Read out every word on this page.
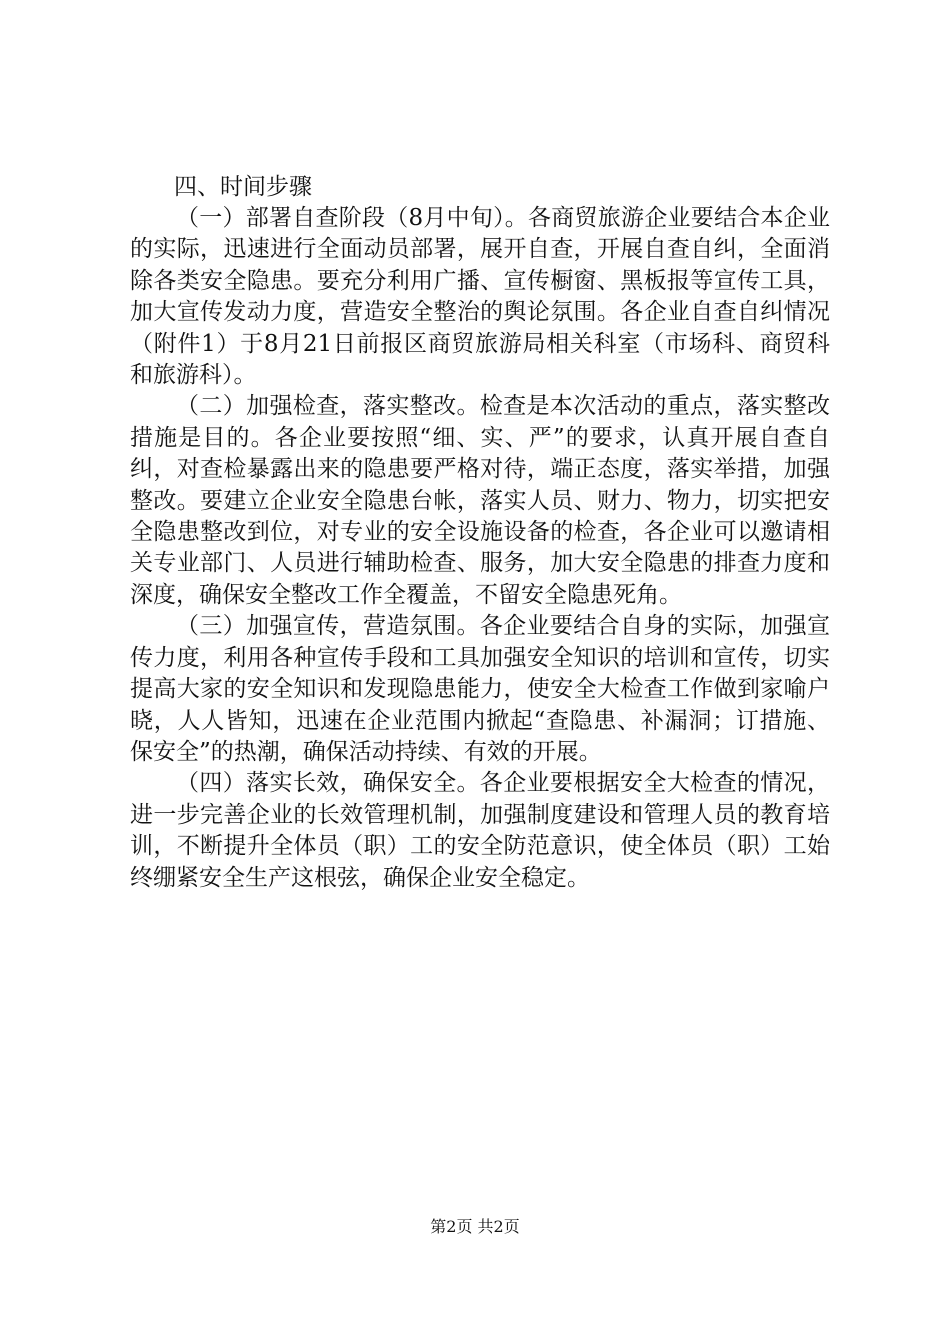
四、时间步骤

（一）部署自查阶段（8月中旬）。各商贸旅游企业要结合本企业的实际，迅速进行全面动员部署，展开自查，开展自查自纠，全面消除各类安全隐患。要充分利用广播、宣传橱窗、黑板报等宣传工具，加大宣传发动力度，营造安全整治的舆论氛围。各企业自查自纠情况（附件1）于8月21日前报区商贸旅游局相关科室（市场科、商贸科和旅游科）。

（二）加强检查，落实整改。检查是本次活动的重点，落实整改措施是目的。各企业要按照“细、实、严”的要求，认真开展自查自纠，对查检暴露出来的隐患要严格对待，端正态度，落实举措，加强整改。要建立企业安全隐患台帐，落实人员、财力、物力，切实把安全隐患整改到位，对专业的安全设施设备的检查，各企业可以邀请相关专业部门、人员进行辅助检查、服务，加大安全隐患的排查力度和深度，确保安全整改工作全覆盖，不留安全隐患死角。

（三）加强宣传，营造氛围。各企业要结合自身的实际，加强宣传力度，利用各种宣传手段和工具加强安全知识的培训和宣传，切实提高大家的安全知识和发现隐患能力，使安全大检查工作做到家喻户晓，人人皆知，迅速在企业范围内掀起“查隐患、补漏洞；订措施、保安全”的热潮，确保活动持续、有效的开展。

（四）落实长效，确保安全。各企业要根据安全大检查的情况，进一步完善企业的长效管理机制，加强制度建设和管理人员的教育培训，不断提升全体员（职）工的安全防范意识，使全体员（职）工始终绷紧安全生产这根弦，确保企业安全稳定。

第2页 共2页
